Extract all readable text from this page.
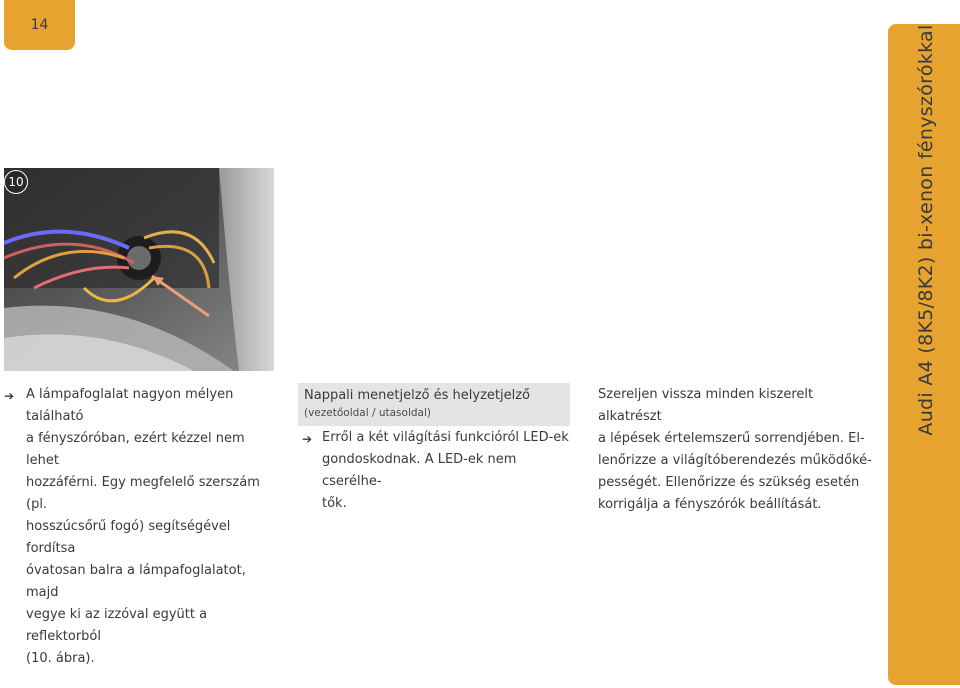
14
10
➔ A lámpafoglalat nagyon mélyen található
a fényszóróban, ezért kézzel nem lehet
hozzáférni. Egy megfelelő szerszám (pl.
hosszúcsőrű fogó) segítségével fordítsa
óvatosan balra a lámpafoglalatot, majd
vegye ki az izzóval együtt a reflektorból
(10. ábra).
Nappali menetjelző és helyzetjelző
(vezetőoldal / utasoldal)
➔ Erről a két világítási funkcióról LED-ek
gondoskodnak. A LED-ek nem cserélhe-
tők.
Szereljen vissza minden kiszerelt alkatrészt
a lépések értelemszerű sorrendjében. El-
lenőrizze a világítóberendezés működőké-
pességét. Ellenőrizze és szükség esetén
korrigálja a fényszórók beállítását.
Audi A4 (8K5/8K2) bi-xenon fényszórókkal
